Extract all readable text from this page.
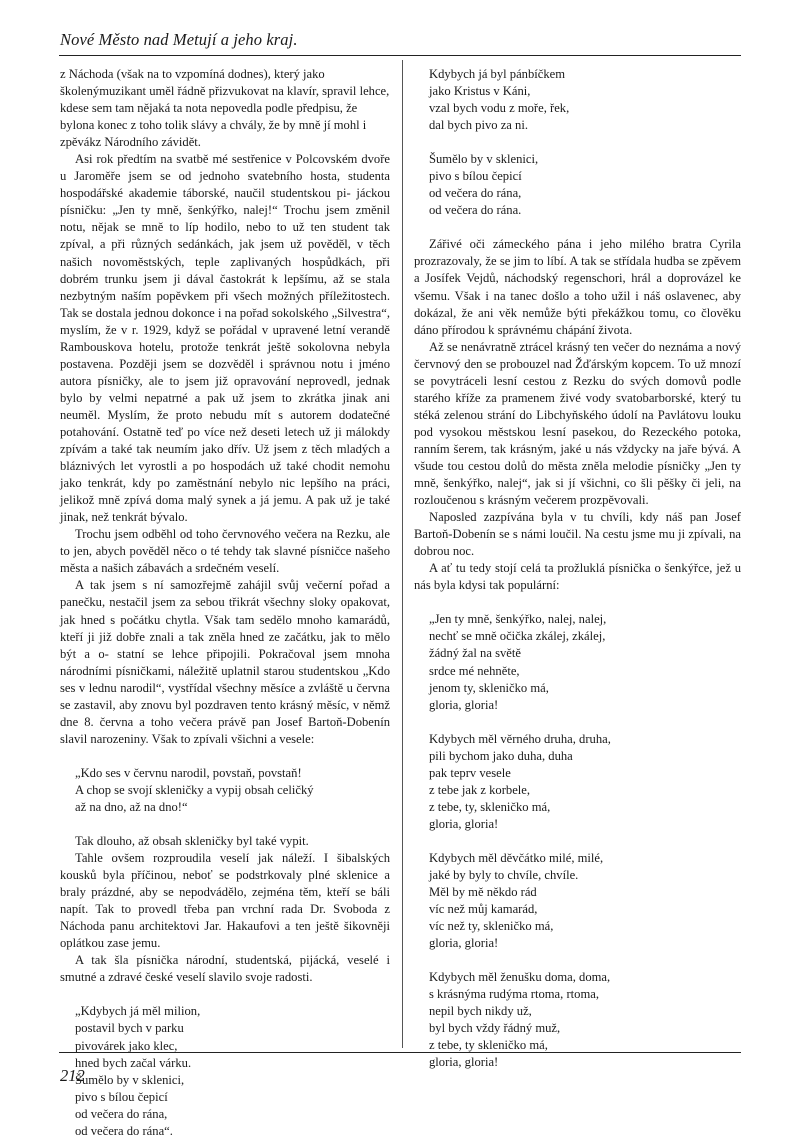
Nové Město nad Metují a jeho kraj.
z Náchoda (však na to vzpomíná dodnes), který jako školenýmuzikant uměl řádně přizvukovat na klavír, spravil lehce, kdese sem tam nějaká ta nota nepovedla podle předpisu, že bylona konec z toho tolik slávy a chvály, že by mně jí mohl i zpěvákz Národního závidět.

Asi rok předtím na svatbě mé sestřenice v Polcovském dvoře u Jaroměře jsem se od jednoho svatebního hosta, studenta hospodářské akademie táborské, naučil studentskou pi- jáckou písničku: „Jen ty mně, šenkýřko, nalej!“ Trochu jsem změnil notu, nějak se mně to líp hodilo, nebo to už ten student tak zpíval, a při různých sedánkách, jak jsem už pověděl, v těch našich novoměstských, teple zaplivaných hospůdkách, při dobrém trunku jsem ji dával častokrát k lepšímu, až se stala nezbytným naším popěvkem při všech možných příležitostech. Tak se dostala jednou dokonce i na pořad sokolského „Silvestra“, myslím, že v r. 1929, když se pořádal v upravené letní verandě Rambouskova hotelu, protože tenkrát ještě sokolovna nebyla postavena. Později jsem se dozvěděl i správnou notu i jméno autora písničky, ale to jsem již opravování neprovedl, jednak bylo by velmi nepatrné a pak už jsem to zkrátka jinak ani neuměl. Myslím, že proto nebudu mít s autorem dodatečné potahování. Ostatně teď po více než deseti letech už ji málokdy zpívám a také tak neumím jako dřív. Už jsem z těch mladých a bláznivých let vyrostli a po hospodách už také chodit nemohu jako tenkrát, kdy po zaměstnání nebylo nic lepšího na práci, jelikož mně zpívá doma malý synek a já jemu. A pak už je také jinak, než tenkrát bývalo.

Trochu jsem odběhl od toho červnového večera na Rezku, ale to jen, abych pověděl něco o té tehdy tak slavné písničce našeho města a našich zábavách a srdečném veselí.

A tak jsem s ní samozřejmě zahájil svůj večerní pořad a panečku, nestačil jsem za sebou třikrát všechny sloky opakovat, jak hned s počátku chytla. Však tam sedělo mnoho kamarádů, kteří ji již dobře znali a tak zněla hned ze začátku, jak to mělo být a o- statní se lehce připojili. Pokračoval jsem mnoha národními písničkami, náležitě uplatnil starou studentskou „Kdo ses v lednu narodil“, vystřídal všechny měsíce a zvláště u června se zastavil, aby znovu byl pozdraven tento krásný měsíc, v němž dne 8. června a toho večera právě pan Josef Bartoň-Dobenín slavil narozeniny. Však to zpívali všichni a vesele:

„Kdo ses v červnu narodil, povstaň, povstaň!
A chop se svojí skleničky a vypij obsah celičký
až na dno, až na dno!“

Tak dlouho, až obsah skleničky byl také vypit.

Tahle ovšem rozproudila veselí jak náleží. I šibalských kousků byla příčinou, neboť se podstrkovaly plné sklenice a braly prázdné, aby se nepodvádělo, zejména těm, kteří se báli napít. Tak to provedl třeba pan vrchní rada Dr. Svoboda z Náchoda panu architektovi Jar. Hakaufovi a ten ještě šikovněji oplátkou zase jemu.

A tak šla písnička národní, studentská, pijácká, veselé i smutné a zdravé české veselí slavilo svoje radosti.

„Kdybych já měl milion,
postavil bych v parku
pivovárek jako klec,
hned bych začal várku.
Šumělo by v sklenici,
pivo s bílou čepicí
od večera do rána,
od večera do rána“.
Kdybych já byl pánbíčkem
jako Kristus v Káni,
vzal bych vodu z moře, řek,
dal bych pivo za ni.
Šumělo by v sklenici,
pivo s bílou čepicí
od večera do rána,
od večera do rána.

Zářivé oči zámeckého pána i jeho milého bratra Cyrila prozrazovaly, že se jim to líbí. A tak se střídala hudba se zpěvem a Josífek Vejdů, náchodský regenschori, hrál a doprovázel ke všemu. Však i na tanec došlo a toho užil i náš oslavenec, aby dokázal, že ani věk nemůže býti překážkou tomu, co člověku dáno přírodou k správnému chápání života.

Až se nenávratně ztrácel krásný ten večer do neznáma a nový červnový den se probouzel nad Žďárským kopcem. To už mnozí se povytráceli lesní cestou z Rezku do svých domovů podle starého kříže za pramenem živé vody svatobarborské, který tu stéká zelenou strání do Libchyňského údolí na Pavlátovu louku pod vysokou městskou lesní pasekou, do Rezeckého potoka, ranním šerem, tak krásným, jaké u nás vždycky na jaře bývá. A všude tou cestou dolů do města zněla melodie písničky „Jen ty mně, šenkýřko, nalej“, jak si jí všichni, co šli pěšky či jeli, na rozloučenou s krásným večerem prozpěvovali.

Naposled zazpívána byla v tu chvíli, kdy náš pan Josef Bartoň-Dobenín se s námi loučil. Na cestu jsme mu ji zpívali, na dobrou noc.

A ať tu tedy stojí celá ta prožluklá písnička o šenkýřce, jež u nás byla kdysi tak populární:

„Jen ty mně, šenkýřko, nalej, nalej,
nechť se mně očička zkálej, zkálej,
žádný žal na světě
srdce mé nehněte,
jenom ty, skleničko má,
gloria, gloria!
Kdybych měl věrného druha, druha,
pili bychom jako duha, duha
pak teprv vesele
z tebe jak z korbele,
z tebe, ty, skleničko má,
gloria, gloria!
Kdybych měl děvčátko milé, milé,
jaké by byly to chvíle, chvíle.
Měl by mě někdo rád
víc než můj kamarád,
víc než ty, skleničko má,
gloria, gloria!
Kdybych měl ženušku doma, doma,
s krásnýma rudýma rtoma, rtoma,
nepil bych nikdy už,
byl bych vždy řádný muž,
z tebe, ty skleničko má,
gloria, gloria!
212
